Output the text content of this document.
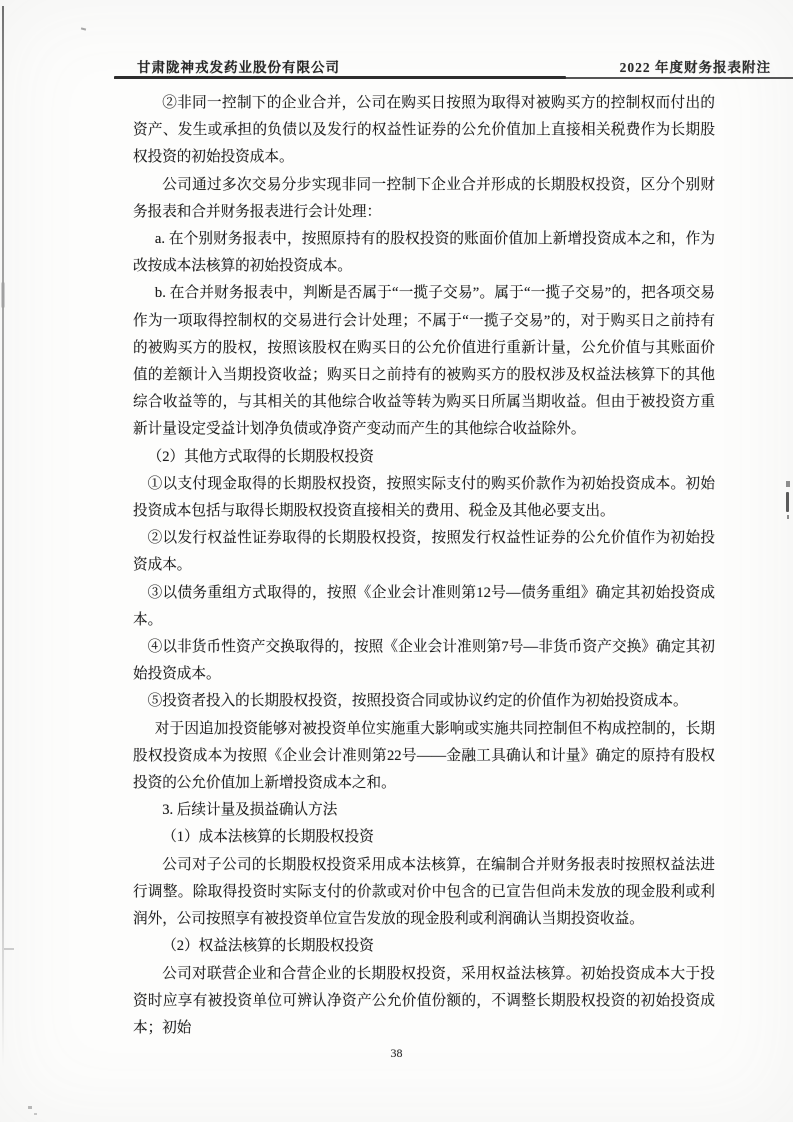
甘肃陇神戎发药业股份有限公司	2022 年度财务报表附注

②非同一控制下的企业合并，公司在购买日按照为取得对被购买方的控制权而付出的资产、发生或承担的负债以及发行的权益性证券的公允价值加上直接相关税费作为长期股权投资的初始投资成本。

公司通过多次交易分步实现非同一控制下企业合并形成的长期股权投资，区分个别财务报表和合并财务报表进行会计处理：

a. 在个别财务报表中，按照原持有的股权投资的账面价值加上新增投资成本之和，作为改按成本法核算的初始投资成本。

b. 在合并财务报表中，判断是否属于“一揽子交易”。属于“一揽子交易”的，把各项交易作为一项取得控制权的交易进行会计处理；不属于“一揽子交易”的，对于购买日之前持有的被购买方的股权，按照该股权在购买日的公允价值进行重新计量，公允价值与其账面价值的差额计入当期投资收益；购买日之前持有的被购买方的股权涉及权益法核算下的其他综合收益等的，与其相关的其他综合收益等转为购买日所属当期收益。但由于被投资方重新计量设定受益计划净负债或净资产变动而产生的其他综合收益除外。

（2）其他方式取得的长期股权投资

①以支付现金取得的长期股权投资，按照实际支付的购买价款作为初始投资成本。初始投资成本包括与取得长期股权投资直接相关的费用、税金及其他必要支出。

②以发行权益性证券取得的长期股权投资，按照发行权益性证券的公允价值作为初始投资成本。

③以债务重组方式取得的，按照《企业会计准则第12号—债务重组》确定其初始投资成本。

④以非货币性资产交换取得的，按照《企业会计准则第7号—非货币资产交换》确定其初始投资成本。

⑤投资者投入的长期股权投资，按照投资合同或协议约定的价值作为初始投资成本。

对于因追加投资能够对被投资单位实施重大影响或实施共同控制但不构成控制的，长期股权投资成本为按照《企业会计准则第22号——金融工具确认和计量》确定的原持有股权投资的公允价值加上新增投资成本之和。

3. 后续计量及损益确认方法

（1）成本法核算的长期股权投资

公司对子公司的长期股权投资采用成本法核算，在编制合并财务报表时按照权益法进行调整。除取得投资时实际支付的价款或对价中包含的已宣告但尚未发放的现金股利或利润外，公司按照享有被投资单位宣告发放的现金股利或利润确认当期投资收益。

（2）权益法核算的长期股权投资

公司对联营企业和合营企业的长期股权投资，采用权益法核算。初始投资成本大于投资时应享有被投资单位可辨认净资产公允价值份额的，不调整长期股权投资的初始投资成本；初始

38
